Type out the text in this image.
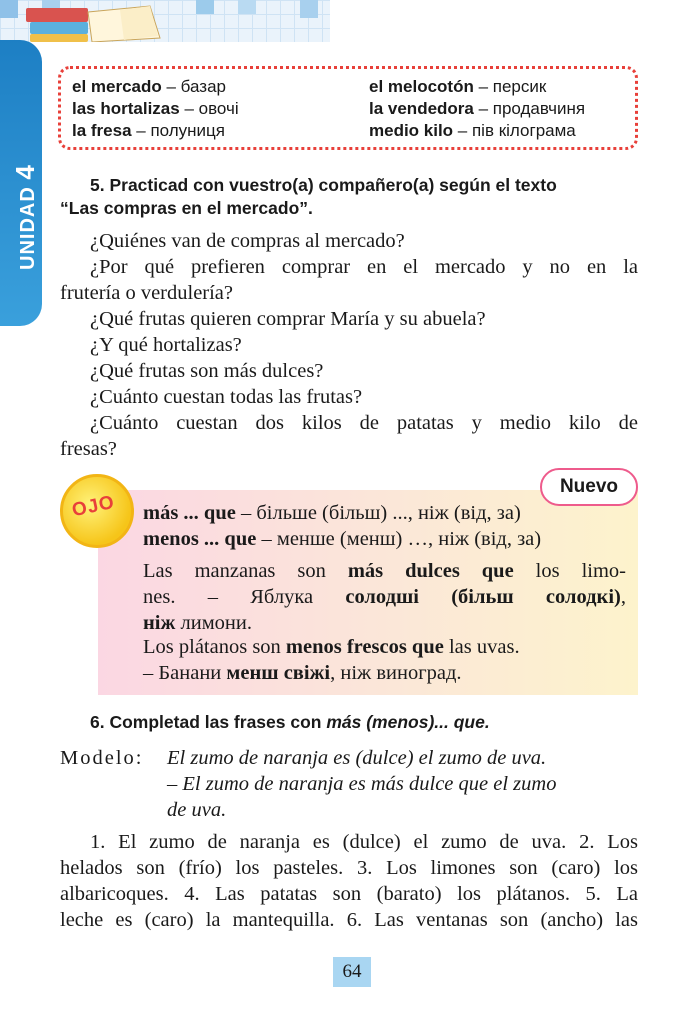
UNIDAD 4
el mercado – базар
las hortalizas – овочі
la fresa – полуниця
el melocotón – персик
la vendedora – продавчиня
medio kilo – пів кілограма
5. Practicad con vuestro(a) compañero(a) según el texto
“Las compras en el mercado”.
¿Quiénes van de compras al mercado?
¿Por qué prefieren comprar en el mercado y no en la
frutería o verdulería?
¿Qué frutas quieren comprar María y su abuela?
¿Y qué hortalizas?
¿Qué frutas son más dulces?
¿Cuánto cuestan todas las frutas?
¿Cuánto cuestan dos kilos de patatas y medio kilo de
fresas?
OJO
Nuevo
más ... que – більше (більш) ..., ніж (від, за)
menos ... que – менше (менш) …, ніж (від, за)
Las manzanas son más dulces que los limo-
nes. – Яблука солодші (більш солодкі),
ніж лимони.
Los plátanos son menos frescos que las uvas.
– Банани менш свіжі, ніж виноград.
6. Completad las frases con más (menos)... que.
Modelo: El zumo de naranja es (dulce) el zumo de uva.
– El zumo de naranja es más dulce que el zumo
de uva.
1. El zumo de naranja es (dulce) el zumo de uva. 2. Los
helados son (frío) los pasteles. 3. Los limones son (caro) los
albaricoques. 4. Las patatas son (barato) los plátanos. 5. La
leche es (caro) la mantequilla. 6. Las ventanas son (ancho) las
64
